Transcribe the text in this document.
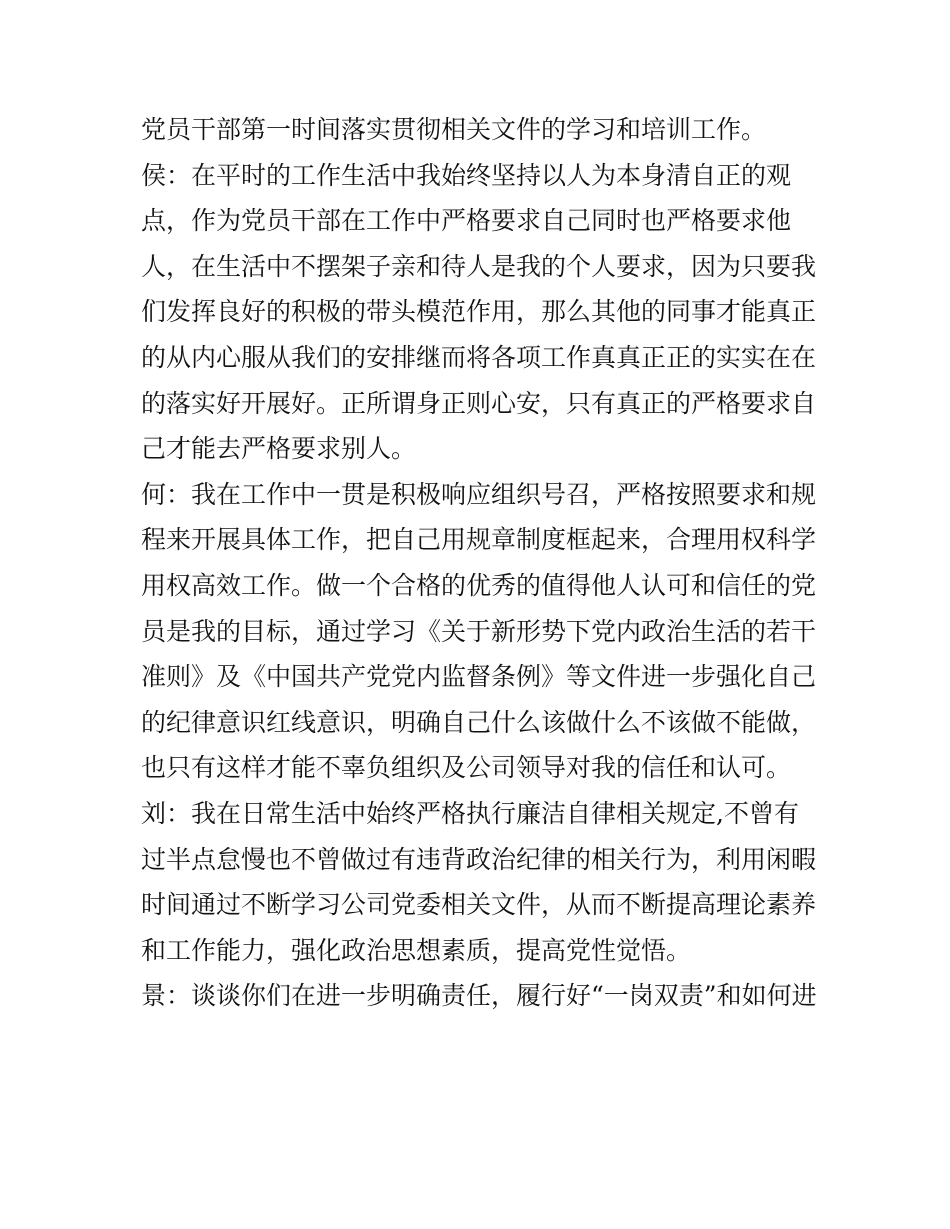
党员干部第一时间落实贯彻相关文件的学习和培训工作。
侯：在平时的工作生活中我始终坚持以人为本身清自正的观
点，作为党员干部在工作中严格要求自己同时也严格要求他
人，在生活中不摆架子亲和待人是我的个人要求，因为只要我
们发挥良好的积极的带头模范作用，那么其他的同事才能真正
的从内心服从我们的安排继而将各项工作真真正正的实实在在
的落实好开展好。正所谓身正则心安，只有真正的严格要求自
己才能去严格要求别人。
何：我在工作中一贯是积极响应组织号召，严格按照要求和规
程来开展具体工作，把自己用规章制度框起来，合理用权科学
用权高效工作。做一个合格的优秀的值得他人认可和信任的党
员是我的目标，通过学习《关于新形势下党内政治生活的若干
准则》及《中国共产党党内监督条例》等文件进一步强化自己
的纪律意识红线意识，明确自己什么该做什么不该做不能做，
也只有这样才能不辜负组织及公司领导对我的信任和认可。
刘：我在日常生活中始终严格执行廉洁自律相关规定,不曾有
过半点怠慢也不曾做过有违背政治纪律的相关行为，利用闲暇
时间通过不断学习公司党委相关文件，从而不断提高理论素养
和工作能力，强化政治思想素质，提高党性觉悟。
景：谈谈你们在进一步明确责任，履行好“一岗双责”和如何进
